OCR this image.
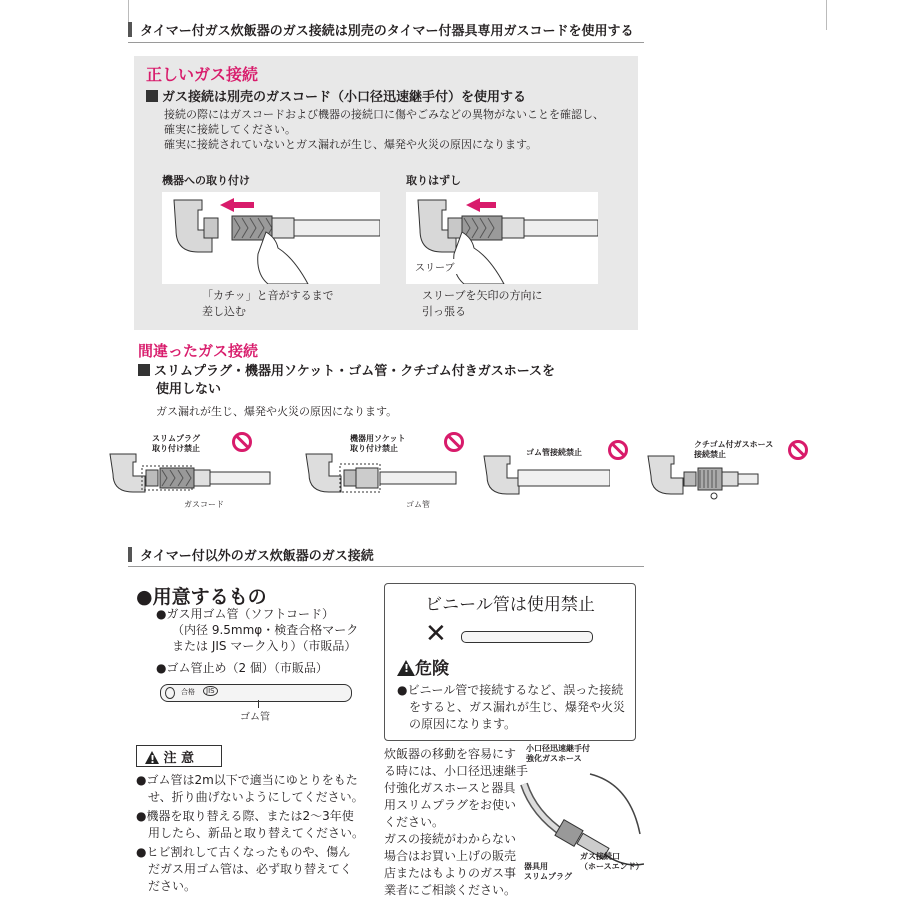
タイマー付ガス炊飯器のガス接続は別売のタイマー付器具専用ガスコードを使用する
正しいガス接続
ガス接続は別売のガスコード（小口径迅速継手付）を使用する
接続の際にはガスコードおよび機器の接続口に傷やごみなどの異物がないことを確認し、
確実に接続してください。
確実に接続されていないとガス漏れが生じ、爆発や火災の原因になります。
機器への取り付け	取りはずし
「カチッ」と音がするまで
差し込む
スリーブ
スリーブを矢印の方向に
引っ張る
間違ったガス接続
スリムプラグ・機器用ソケット・ゴム管・クチゴム付きガスホースを
使用しない
ガス漏れが生じ、爆発や火災の原因になります。
スリムプラグ
取り付け禁止
ガスコード
機器用ソケット
取り付け禁止
ゴム管
ゴム管接続禁止
クチゴム付ガスホース
接続禁止
タイマー付以外のガス炊飯器のガス接続
●用意するもの
●ガス用ゴム管（ソフトコード）
（内径 9.5mmφ・検査合格マーク
または JIS マーク入り）（市販品）
●ゴム管止め（2 個）（市販品）
合格	JIS
ゴム管
ビニール管は使用禁止
✕
!危険
●ビニール管で接続するなど、誤った接続
をすると、ガス漏れが生じ、爆発や火災
の原因になります。
! 注 意
●ゴム管は2m以下で適当にゆとりをもた
せ、折り曲げないようにしてください。
●機器を取り替える際、または2～3年使
用したら、新品と取り替えてください。
●ヒビ割れして古くなったものや、傷ん
だガス用ゴム管は、必ず取り替えてく
ださい。
炊飯器の移動を容易にす
る時には、小口径迅速継手
付強化ガスホースと器具
用スリムプラグをお使い
ください。
ガスの接続がわからない
場合はお買い上げの販売
店またはもよりのガス事
業者にご相談ください。
小口径迅速継手付
強化ガスホース
ガス接続口
（ホースエンド）
器具用
スリムプラグ
